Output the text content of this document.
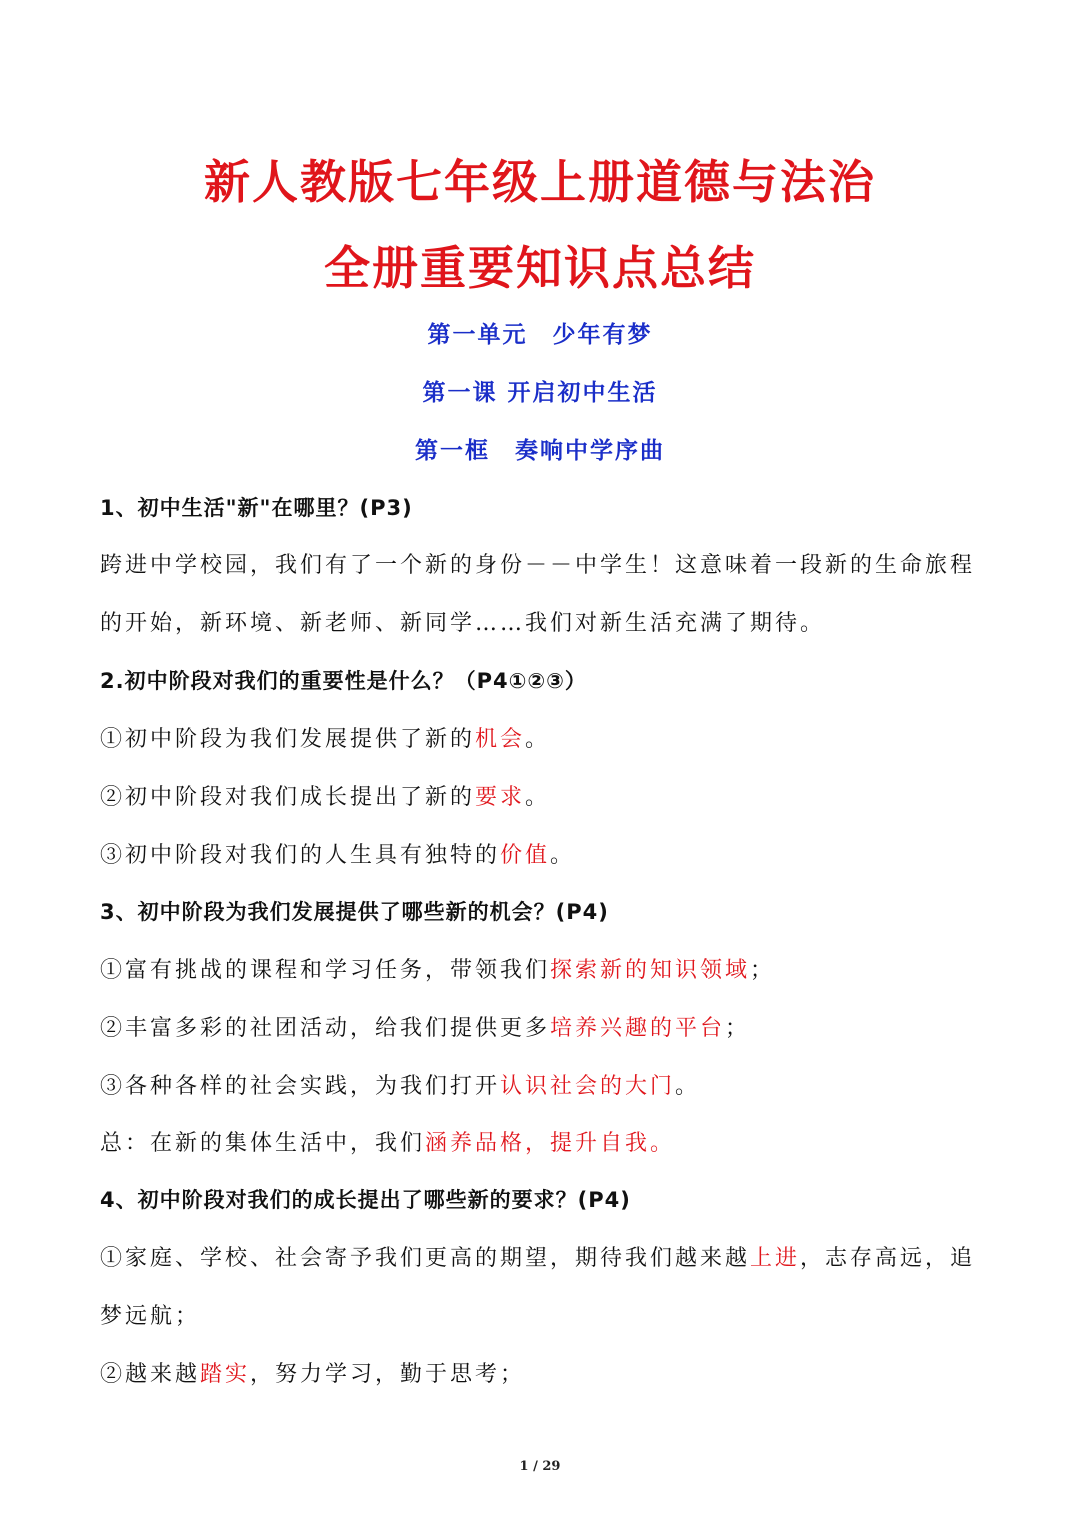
新人教版七年级上册道德与法治
全册重要知识点总结
第一单元　少年有梦
第一课 开启初中生活
第一框　奏响中学序曲
1、初中生活"新"在哪里？(P3)
跨进中学校园，我们有了一个新的身份－－中学生！这意味着一段新的生命旅程
的开始，新环境、新老师、新同学……我们对新生活充满了期待。
2.初中阶段对我们的重要性是什么？（P4①②③）
①初中阶段为我们发展提供了新的机会。
②初中阶段对我们成长提出了新的要求。
③初中阶段对我们的人生具有独特的价值。
3、初中阶段为我们发展提供了哪些新的机会？(P4)
①富有挑战的课程和学习任务，带领我们探索新的知识领域；
②丰富多彩的社团活动，给我们提供更多培养兴趣的平台；
③各种各样的社会实践，为我们打开认识社会的大门。
总：在新的集体生活中，我们涵养品格，提升自我。
4、初中阶段对我们的成长提出了哪些新的要求？(P4)
①家庭、学校、社会寄予我们更高的期望，期待我们越来越上进，志存高远，追
梦远航；
②越来越踏实，努力学习，勤于思考；
1 / 29
